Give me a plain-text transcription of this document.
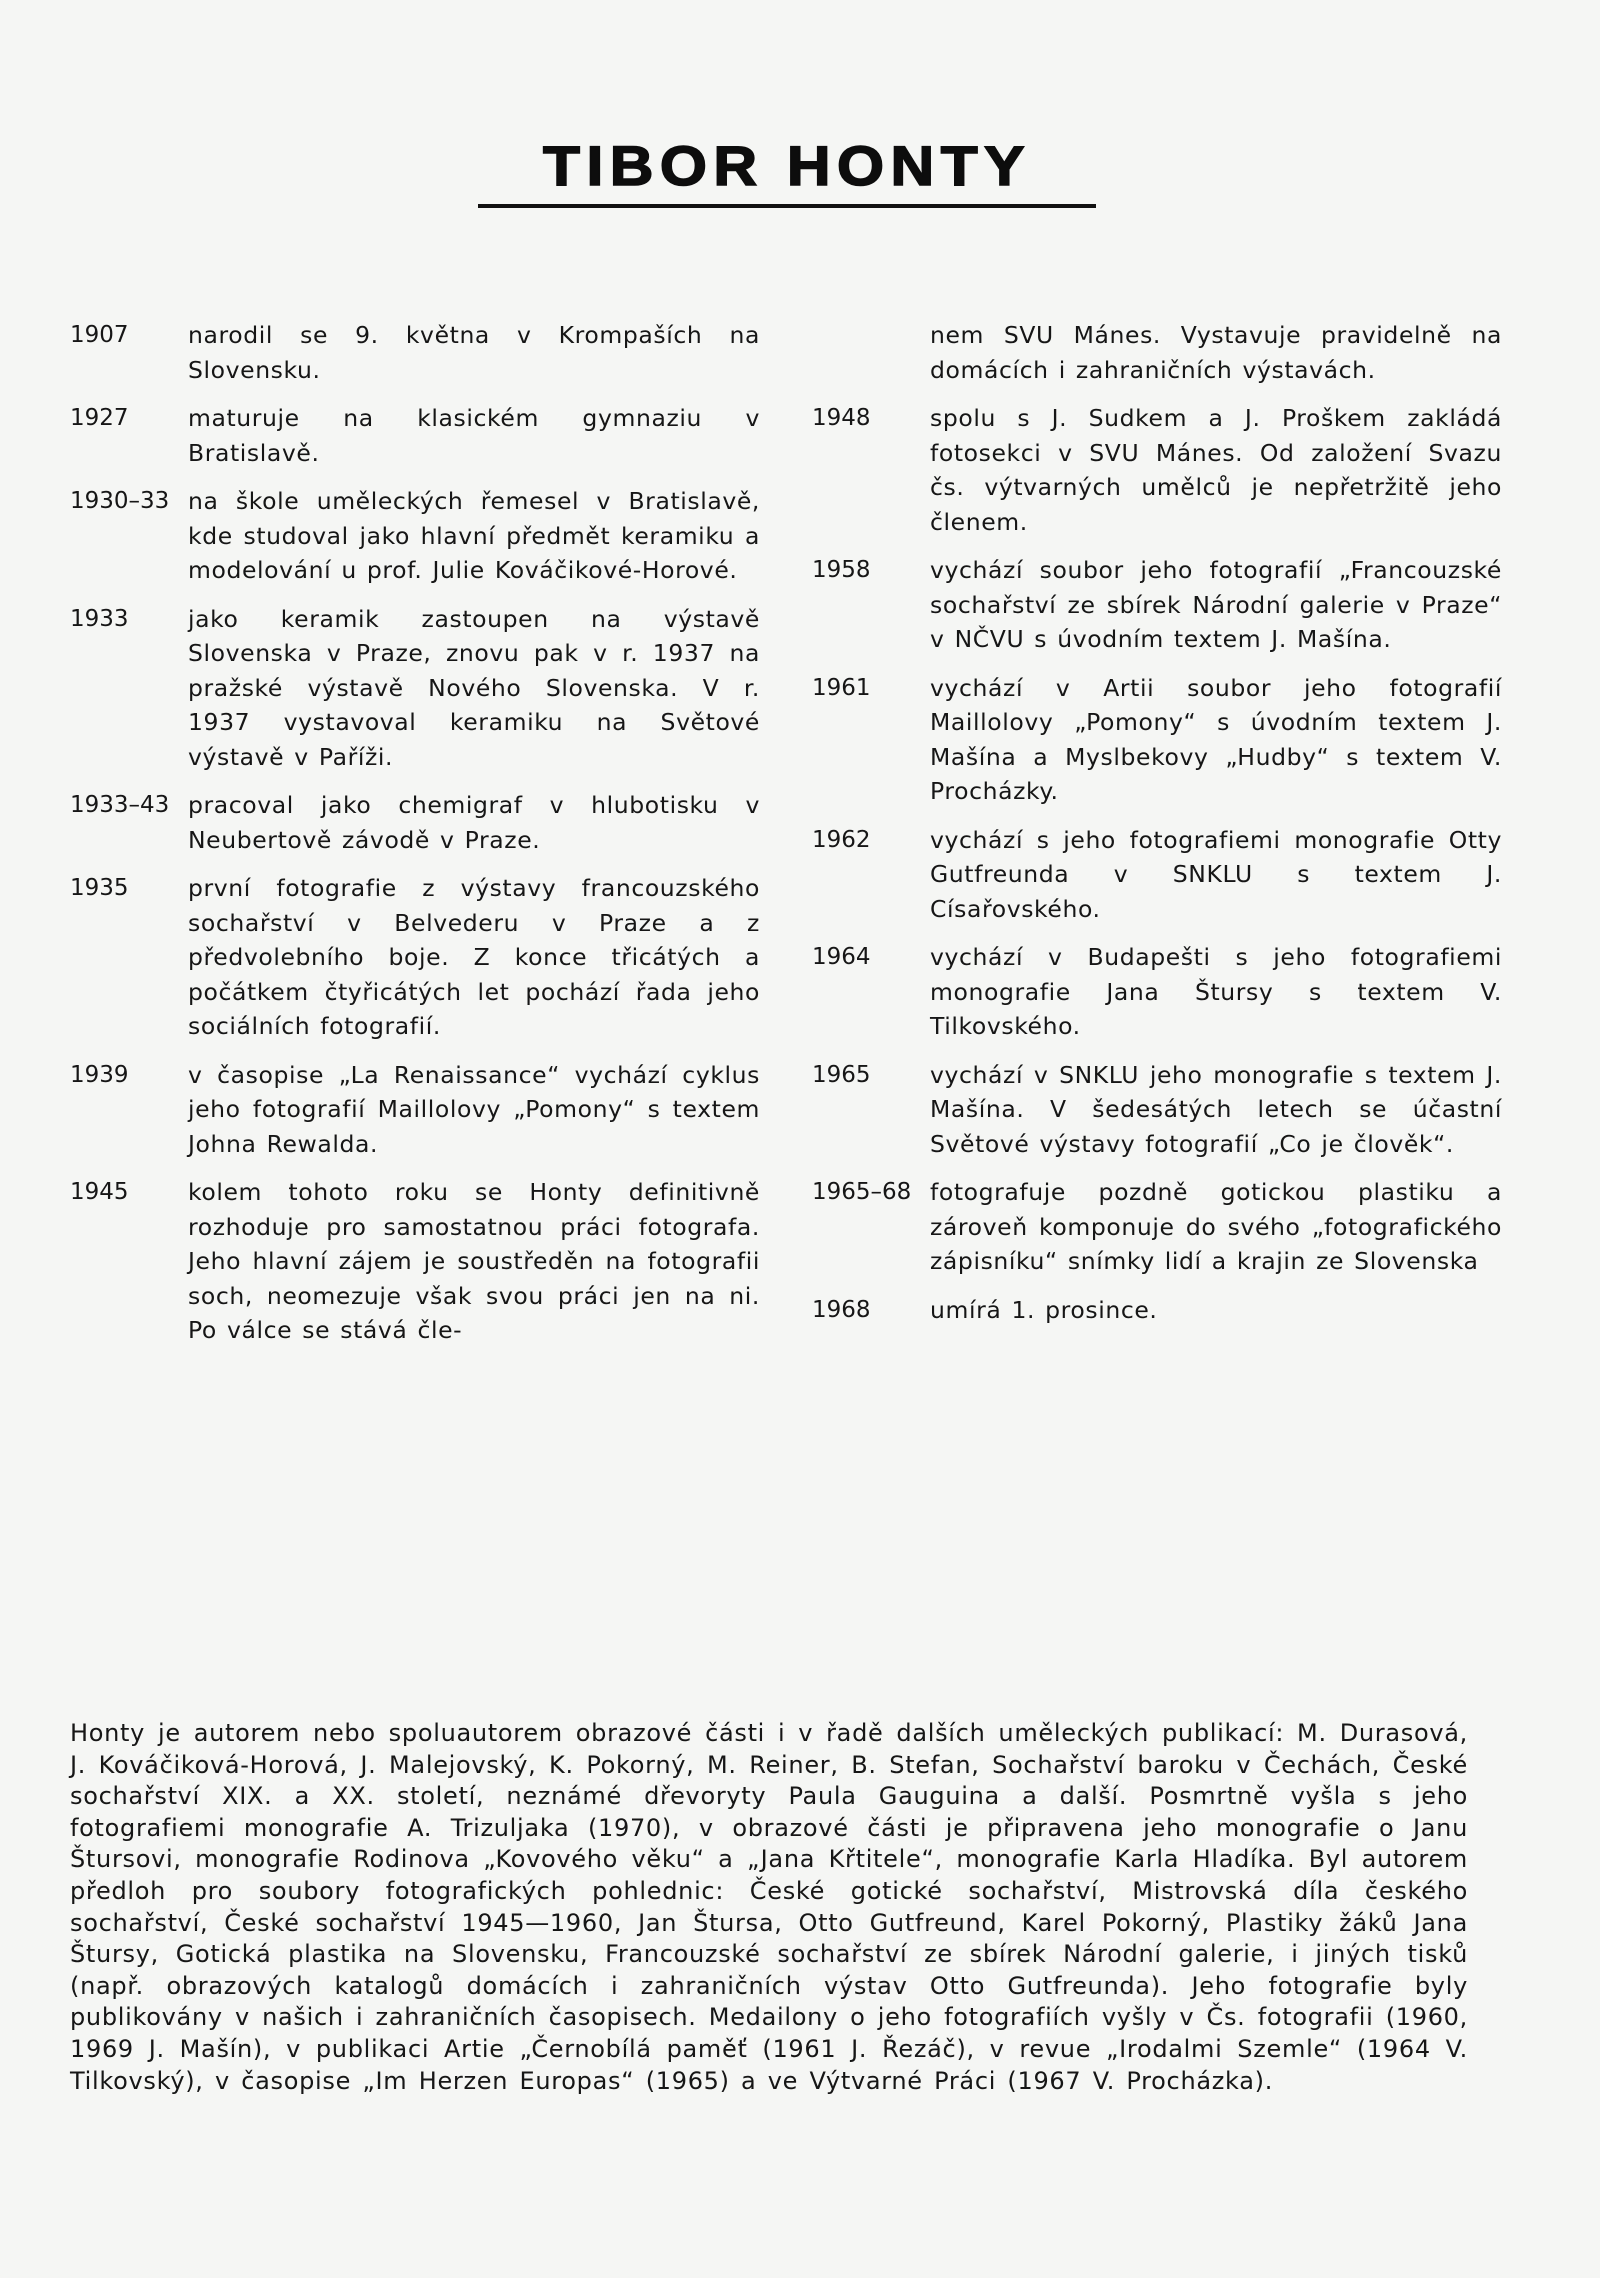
TIBOR HONTY
1907	narodil se 9. května v Krompaších na Slovensku.
1927	maturuje na klasickém gymnaziu v Bratislavě.
1930–33 na škole uměleckých řemesel v Bratislavě, kde studoval jako hlavní předmět keramiku a modelování u prof. Julie Kováčikové-Horové.
1933	jako keramik zastoupen na výstavě Slovenska v Praze, znovu pak v r. 1937 na pražské výstavě Nového Slovenska. V r. 1937 vystavoval keramiku na Světové výstavě v Paříži.
1933–43 pracoval jako chemigraf v hlubotisku v Neubertově závodě v Praze.
1935	první fotografie z výstavy francouzského sochařství v Belvederu v Praze a z předvolebního boje. Z konce třicátých a počátkem čtyřicátých let pochází řada jeho sociálních fotografií.
1939	v časopise „La Renaissance“ vychází cyklus jeho fotografií Maillolovy „Pomony“ s textem Johna Rewalda.
1945	kolem tohoto roku se Honty definitivně rozhoduje pro samostatnou práci fotografa. Jeho hlavní zájem je soustředěn na fotografii soch, neomezuje však svou práci jen na ni. Po válce se stává čle-
nem SVU Mánes. Vystavuje pravidelně na domácích i zahraničních výstavách.
1948	spolu s J. Sudkem a J. Proškem zakládá fotosekci v SVU Mánes. Od založení Svazu čs. výtvarných umělců je nepřetržitě jeho členem.
1958	vychází soubor jeho fotografií „Francouzské sochařství ze sbírek Národní galerie v Praze“ v NČVU s úvodním textem J. Mašína.
1961	vychází v Artii soubor jeho fotografií Maillolovy „Pomony“ s úvodním textem J. Mašína a Myslbekovy „Hudby“ s textem V. Procházky.
1962	vychází s jeho fotografiemi monografie Otty Gutfreunda v SNKLU s textem J. Císařovského.
1964	vychází v Budapešti s jeho fotografiemi monografie Jana Štursy s textem V. Tilkovského.
1965	vychází v SNKLU jeho monografie s textem J. Mašína. V šedesátých letech se účastní Světové výstavy fotografií „Co je člověk“.
1965–68 fotografuje pozdně gotickou plastiku a zároveň komponuje do svého „fotografického zápisníku“ snímky lidí a krajin ze Slovenska
1968	umírá 1. prosince.

Honty je autorem nebo spoluautorem obrazové části i v řadě dalších uměleckých publikací: M. Durasová, J. Kováčiková-Horová, J. Malejovský, K. Pokorný, M. Reiner, B. Stefan, Sochařství baroku v Čechách, České sochařství XIX. a XX. století, neznámé dřevoryty Paula Gauguina a další. Posmrtně vyšla s jeho fotografiemi monografie A. Trizuljaka (1970), v obrazové části je připravena jeho monografie o Janu Štursovi, monografie Rodinova „Kovového věku“ a „Jana Křtitele“, monografie Karla Hladíka. Byl autorem předloh pro soubory fotografických pohlednic: České gotické sochařství, Mistrovská díla českého sochařství, České sochařství 1945—1960, Jan Štursa, Otto Gutfreund, Karel Pokorný, Plastiky žáků Jana Štursy, Gotická plastika na Slovensku, Francouzské sochařství ze sbírek Národní galerie, i jiných tisků (např. obrazových katalogů domácích i zahraničních výstav Otto Gutfreunda). Jeho fotografie byly publikovány v našich i zahraničních časopisech. Medailony o jeho fotografiích vyšly v Čs. fotografii (1960, 1969 J. Mašín), v publikaci Artie „Černobílá paměť (1961 J. Řezáč), v revue „Irodalmi Szemle“ (1964 V. Tilkovský), v časopise „Im Herzen Europas“ (1965) a ve Výtvarné Práci (1967 V. Procházka).
